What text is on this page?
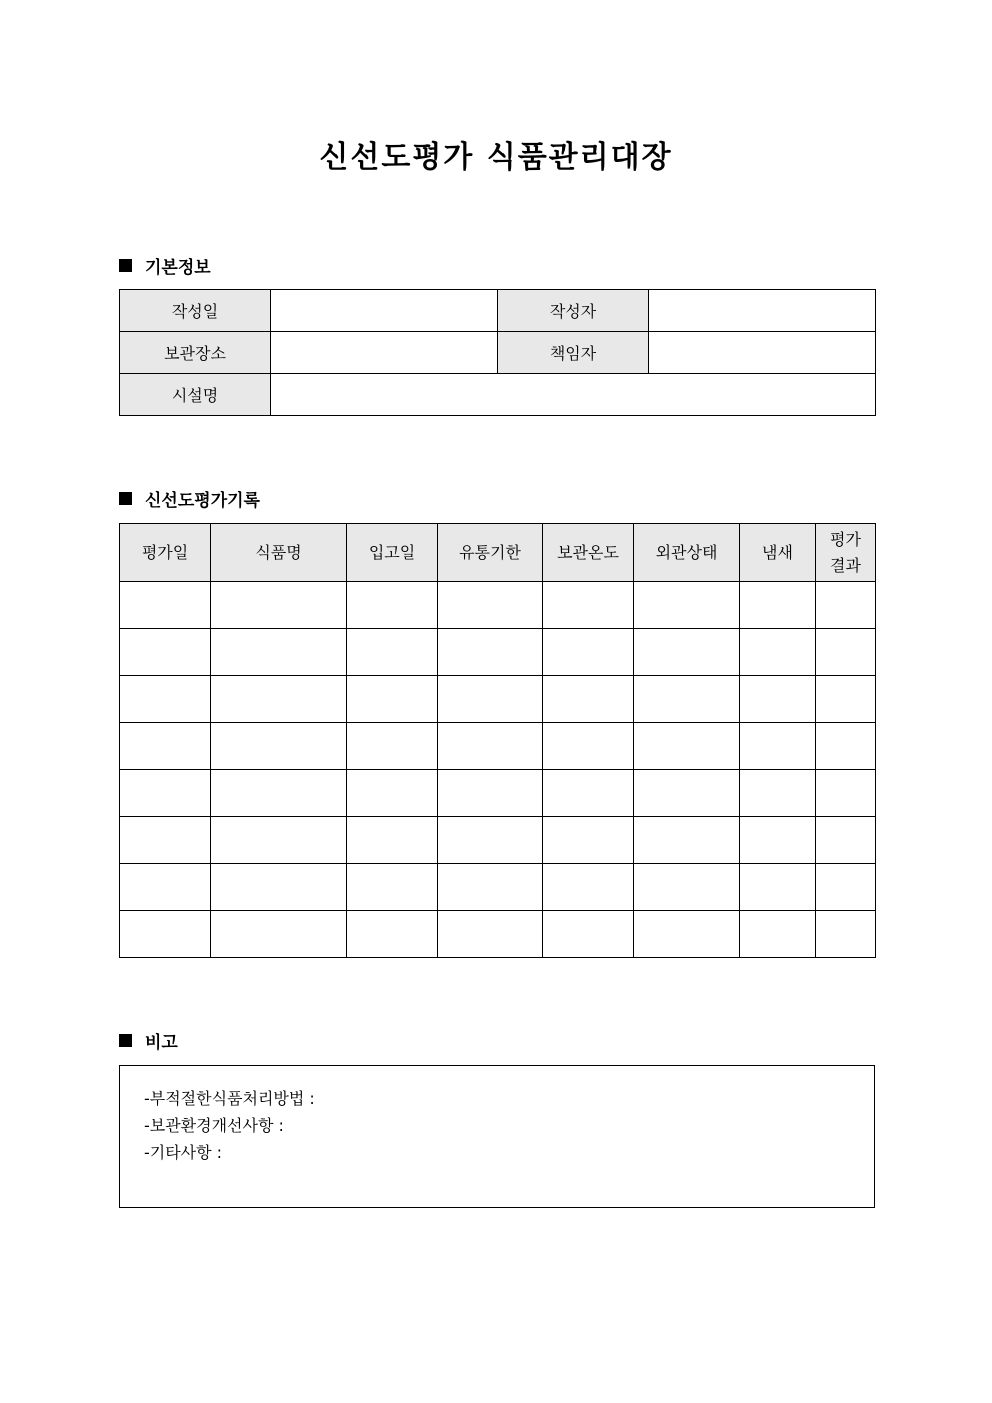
신선도평가 식품관리대장
기본정보
작성일		작성자	
보관장소		책임자	
시설명			
신선도평가기록
평가일	식품명	입고일	유통기한	보관온도	외관상태	냄새	평가
결과

비고
-부적절한식품처리방법 :
-보관환경개선사항 :
-기타사항 :
